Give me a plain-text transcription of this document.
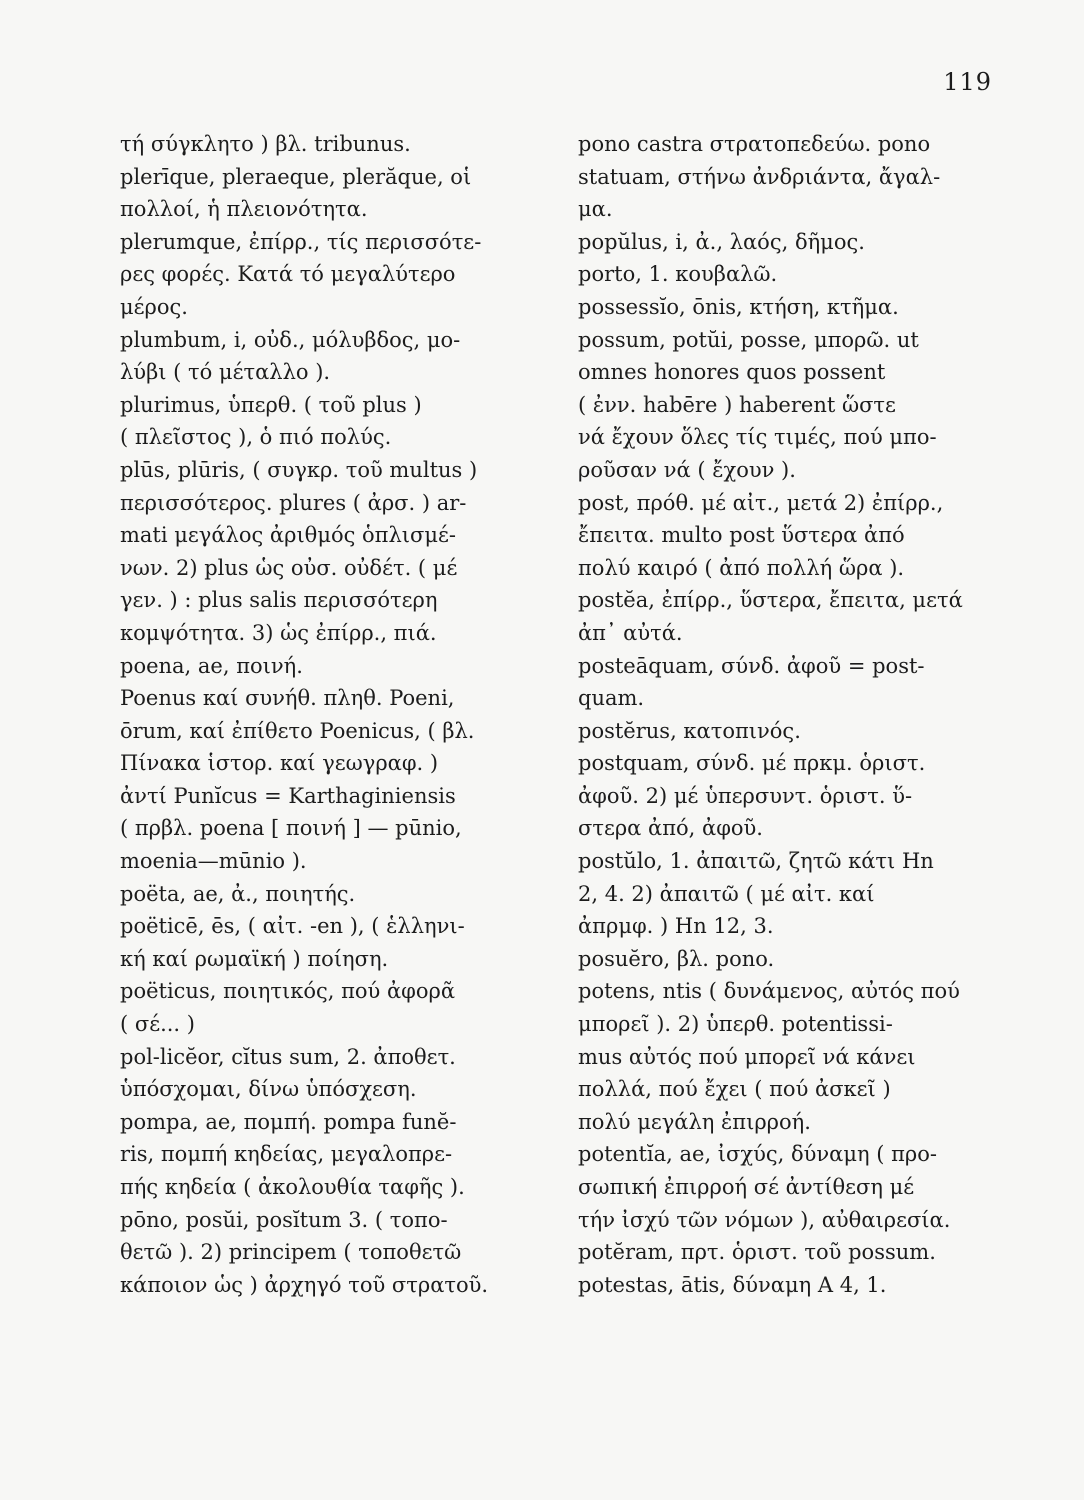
119
τή σύγκλητο ) βλ. tribunus.
plerīque, pleraeque, plerăque, οἱ
πολλοί, ἡ πλειονότητα.
plerumque, ἐπίρρ., τίς περισσότε-
ρες φορές. Κατά τό μεγαλύτερο
μέρος.
plumbum, i, οὐδ., μόλυβδος, μο-
λύβι ( τό μέταλλο ).
plurimus, ὑπερθ. ( τοῦ plus )
( πλεῖστος ), ὁ πιό πολύς.
plūs, plūris, ( συγκρ. τοῦ multus )
περισσότερος. plures ( ἀρσ. ) ar-
mati μεγάλος ἀριθμός ὁπλισμέ-
νων. 2) plus ὡς οὐσ. οὐδέτ. ( μέ
γεν. ) : plus salis περισσότερη
κομψότητα. 3) ὡς ἐπίρρ., πιά.
poena, ae, ποινή.
Poenus καί συνήθ. πληθ. Poeni,
ōrum, καί ἐπίθετο Poenicus, ( βλ.
Πίνακα ἱστορ. καί γεωγραφ. )
ἀντί Punĭcus = Karthaginiensis
( πρβλ. poena [ ποινή ] — pūnio,
moenia—mūnio ).
poëta, ae, ἀ., ποιητής.
poëticē, ēs, ( αἰτ. -en ), ( ἑλληνι-
κή καί ρωμαϊκή ) ποίηση.
poëticus, ποιητικός, πού ἀφορᾶ
( σέ... )
pol-licĕor, cĭtus sum, 2. ἀποθετ.
ὑπόσχομαι, δίνω ὑπόσχεση.
pompa, ae, πομπή. pompa funĕ-
ris, πομπή κηδείας, μεγαλοπρε-
πής κηδεία ( ἀκολουθία ταφῆς ).
pōno, posŭi, posĭtum 3. ( τοπο-
θετῶ ). 2) principem ( τοποθετῶ
κάποιον ὡς ) ἀρχηγό τοῦ στρατοῦ.
pono castra στρατοπεδεύω. pono
statuam, στήνω ἀνδριάντα, ἄγαλ-
μα.
popŭlus, i, ἀ., λαός, δῆμος.
porto, 1. κουβαλῶ.
possessĭo, ōnis, κτήση, κτῆμα.
possum, potŭi, posse, μπορῶ. ut
omnes honores quos possent
( ἐνν. habēre ) haberent ὥστε
νά ἔχουν ὅλες τίς τιμές, πού μπο-
ροῦσαν νά ( ἔχουν ).
post, πρόθ. μέ αἰτ., μετά 2) ἐπίρρ.,
ἔπειτα. multo post ὕστερα ἀπό
πολύ καιρό ( ἀπό πολλή ὥρα ).
postĕa, ἐπίρρ., ὕστερα, ἔπειτα, μετά
ἀπ᾽ αὐτά.
posteāquam, σύνδ. ἀφοῦ = post-
quam.
postĕrus, κατοπινός.
postquam, σύνδ. μέ πρκμ. ὁριστ.
ἀφοῦ. 2) μέ ὑπερσυντ. ὁριστ. ὕ-
στερα ἀπό, ἀφοῦ.
postŭlo, 1. ἀπαιτῶ, ζητῶ κάτι Hn
2, 4. 2) ἀπαιτῶ ( μέ αἰτ. καί
ἀπρμφ. ) Hn 12, 3.
posuĕro, βλ. pono.
potens, ntis ( δυνάμενος, αὐτός πού
μπορεῖ ). 2) ὑπερθ. potentissi-
mus αὐτός πού μπορεῖ νά κάνει
πολλά, πού ἔχει ( πού ἀσκεῖ )
πολύ μεγάλη ἐπιρροή.
potentĭa, ae, ἰσχύς, δύναμη ( προ-
σωπική ἐπιρροή σέ ἀντίθεση μέ
τήν ἰσχύ τῶν νόμων ), αὐθαιρεσία.
potĕram, πρτ. ὁριστ. τοῦ possum.
potestas, ātis, δύναμη A 4, 1.
